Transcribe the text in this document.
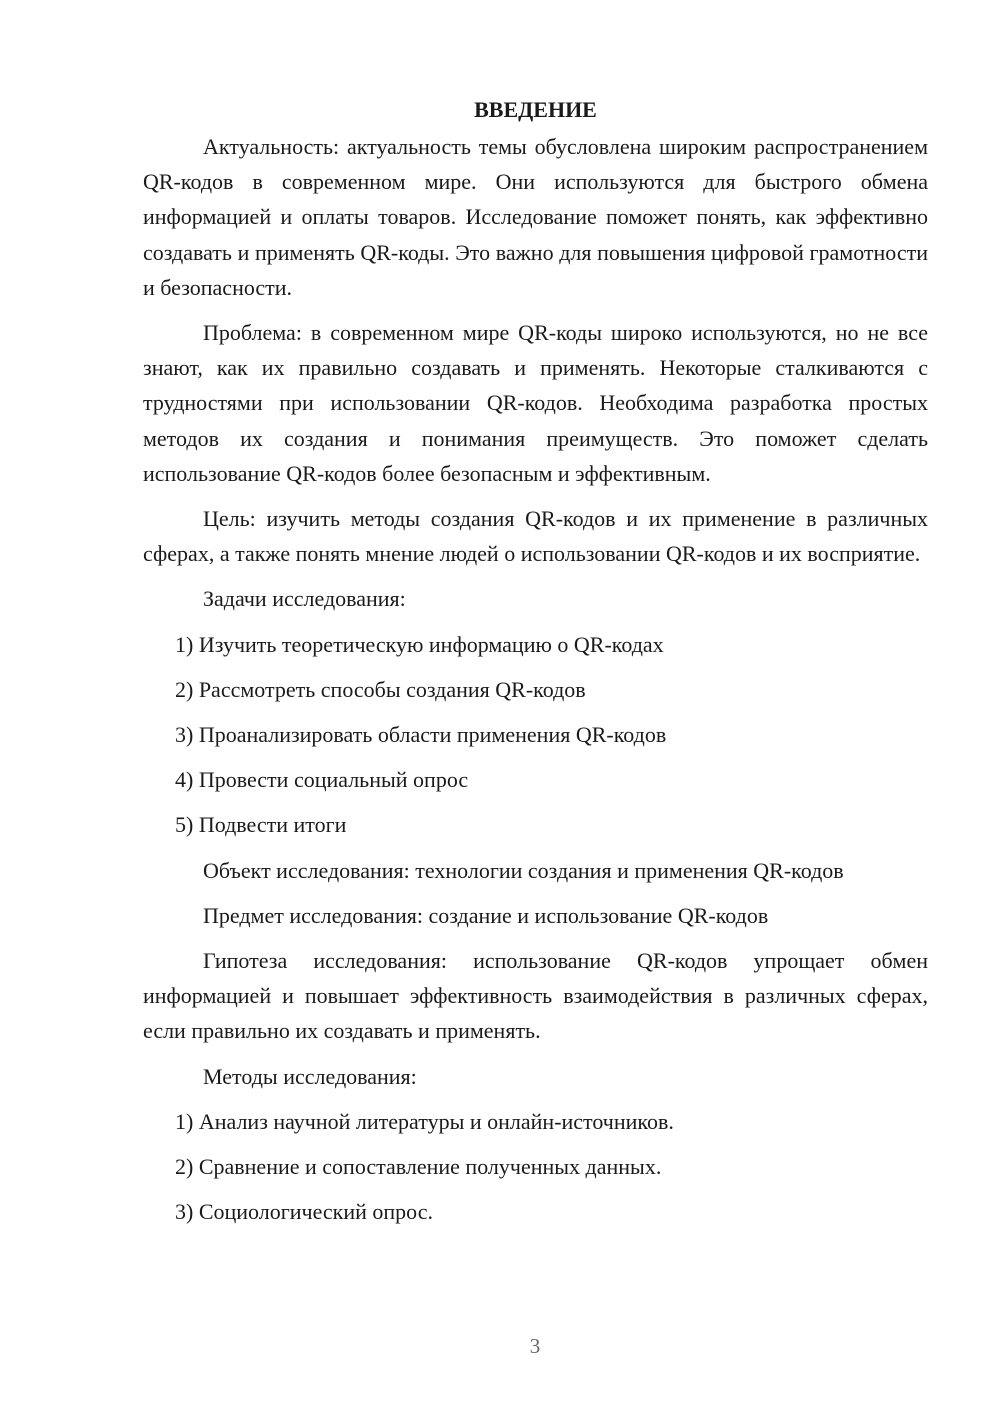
ВВЕДЕНИЕ

Актуальность: актуальность темы обусловлена широким распространением QR-кодов в современном мире. Они используются для быстрого обмена информацией и оплаты товаров. Исследование поможет понять, как эффективно создавать и применять QR-коды. Это важно для повышения цифровой грамотности и безопасности.

Проблема: в современном мире QR-коды широко используются, но не все знают, как их правильно создавать и применять. Некоторые сталкиваются с трудностями при использовании QR-кодов. Необходима разработка простых методов их создания и понимания преимуществ. Это поможет сделать использование QR-кодов более безопасным и эффективным.

Цель: изучить методы создания QR-кодов и их применение в различных сферах, а также понять мнение людей о использовании QR-кодов и их восприятие.

Задачи исследования:
1) Изучить теоретическую информацию о QR-кодах
2) Рассмотреть способы создания QR-кодов
3) Проанализировать области применения QR-кодов
4) Провести социальный опрос
5) Подвести итоги
Объект исследования: технологии создания и применения QR-кодов
Предмет исследования: создание и использование QR-кодов

Гипотеза исследования: использование QR-кодов упрощает обмен информацией и повышает эффективность взаимодействия в различных сферах, если правильно их создавать и применять.

Методы исследования:
1) Анализ научной литературы и онлайн-источников.
2) Сравнение и сопоставление полученных данных.
3) Социологический опрос.
3
